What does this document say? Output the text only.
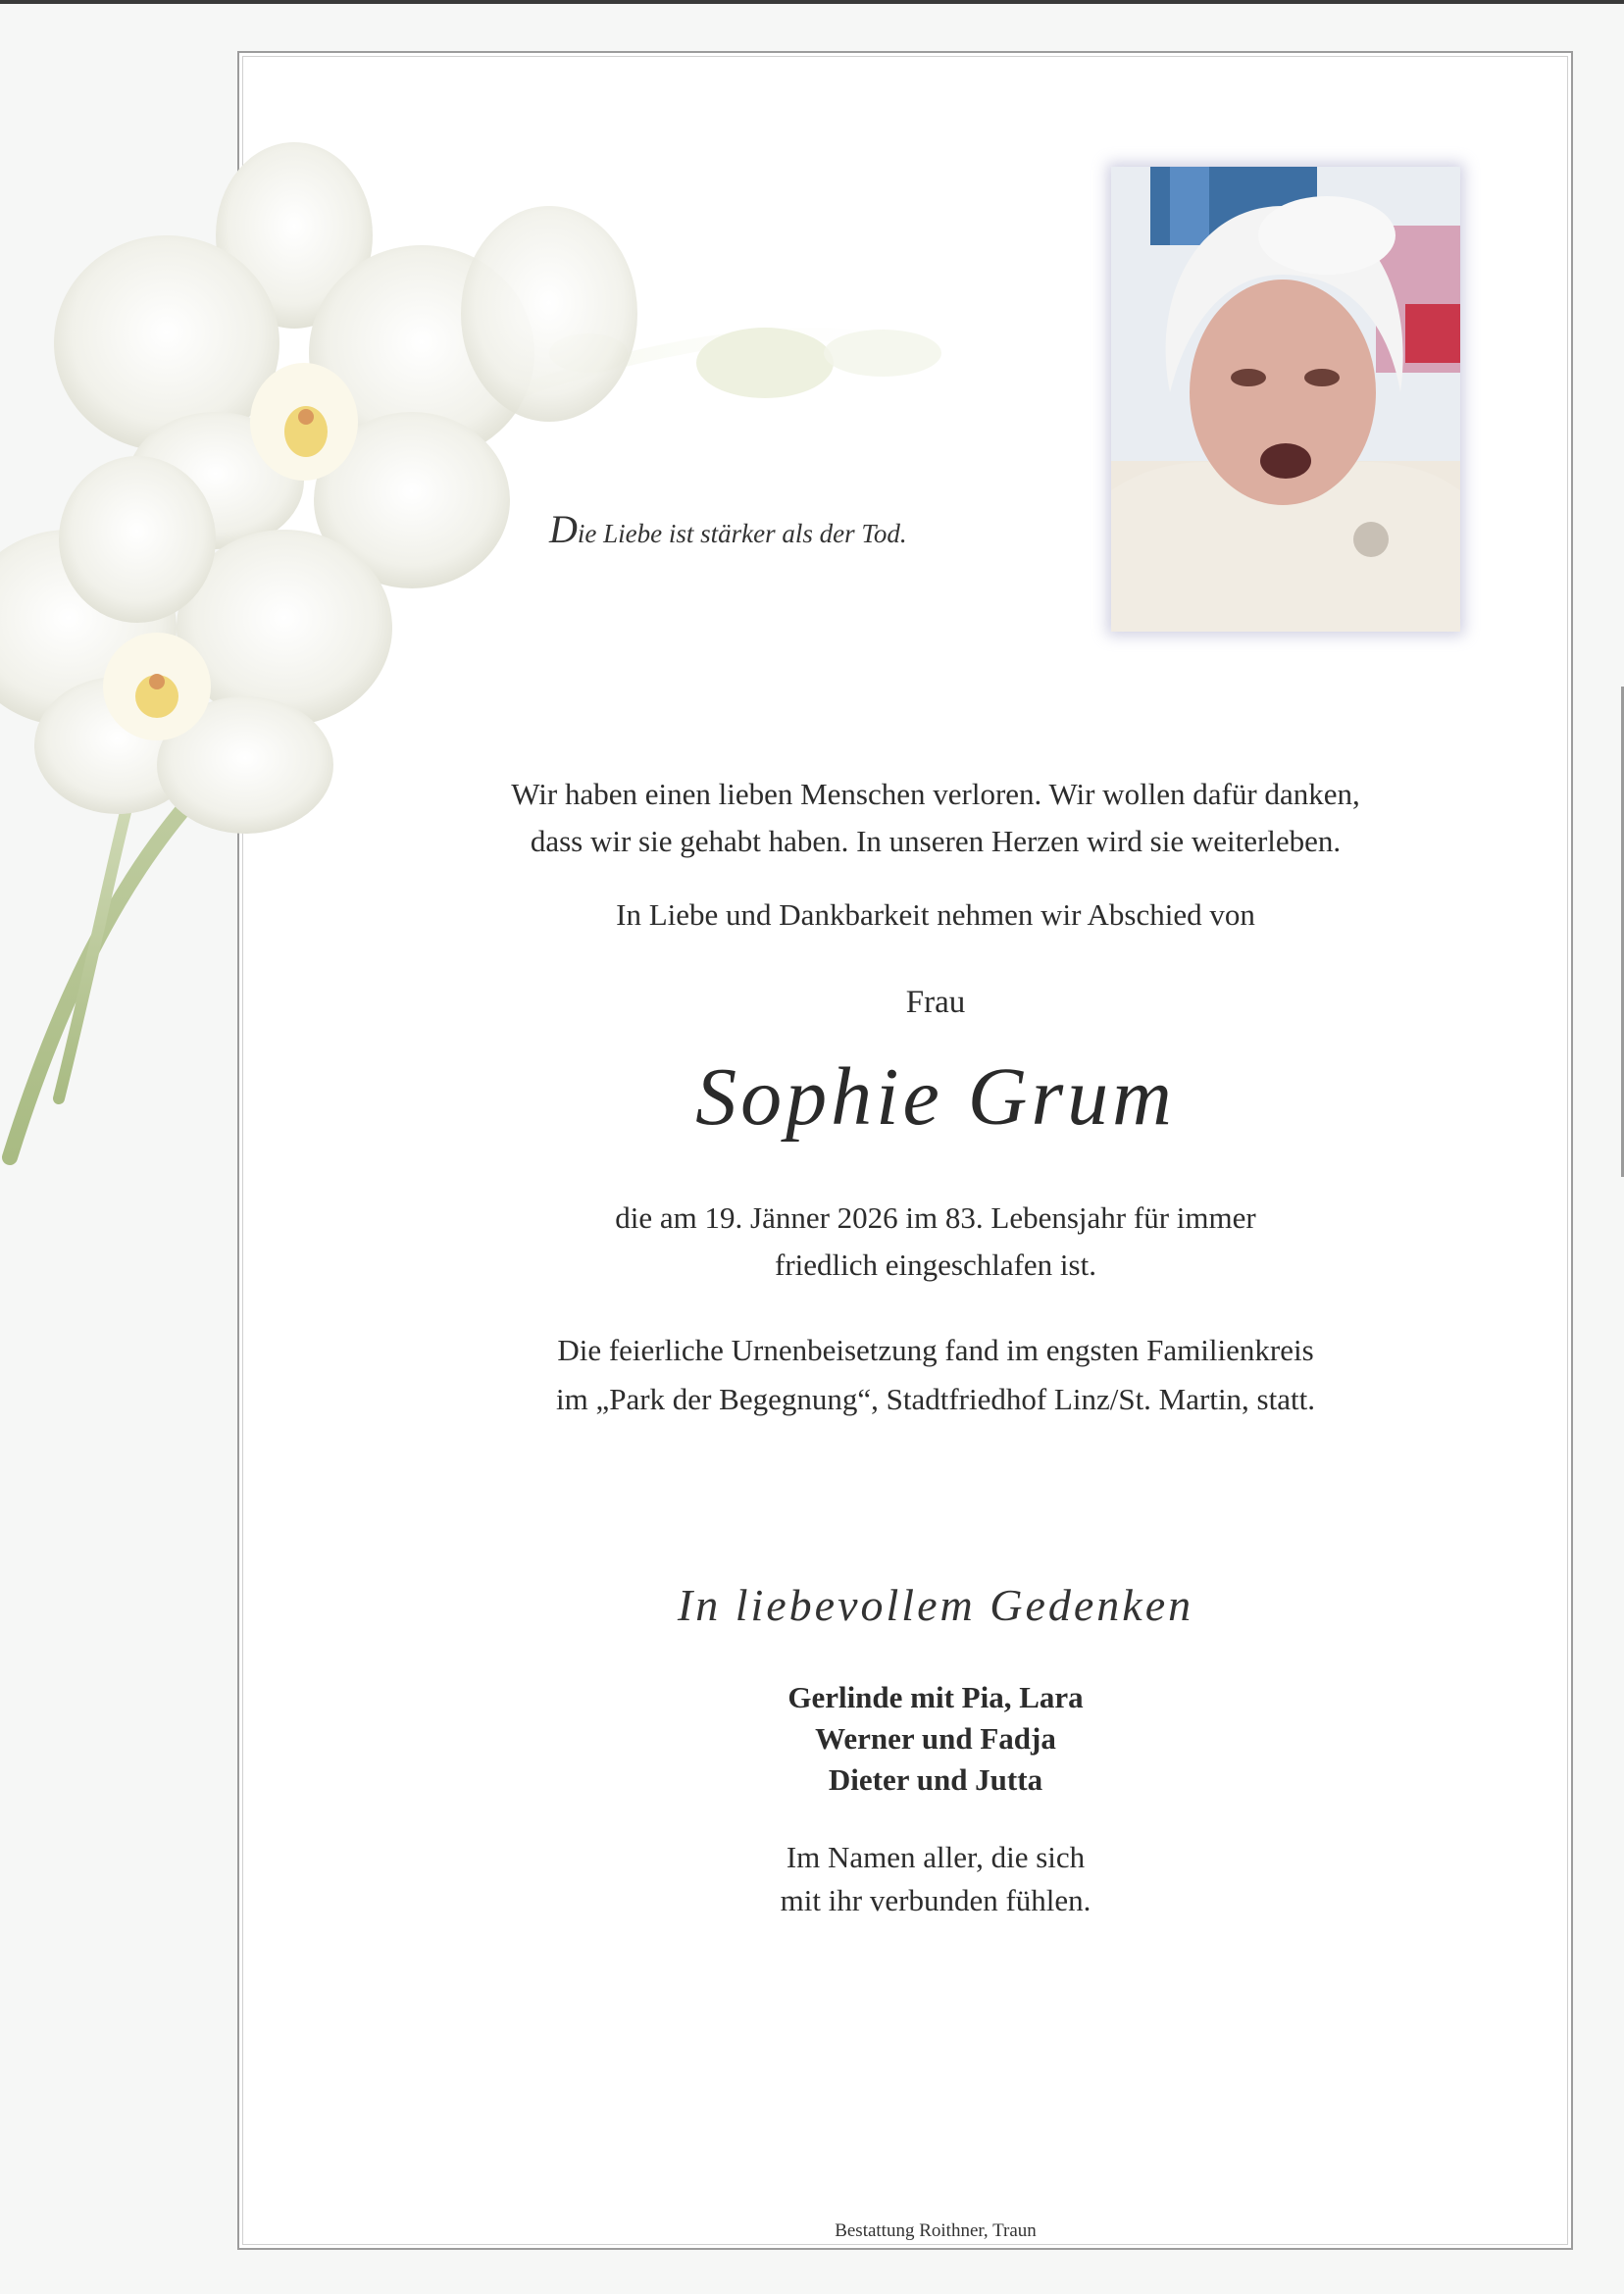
Die Liebe ist stärker als der Tod.
Wir haben einen lieben Menschen verloren. Wir wollen dafür danken,
dass wir sie gehabt haben. In unseren Herzen wird sie weiterleben.
In Liebe und Dankbarkeit nehmen wir Abschied von
Frau
Sophie Grum
die am 19. Jänner 2026 im 83. Lebensjahr für immer
friedlich eingeschlafen ist.
Die feierliche Urnenbeisetzung fand im engsten Familienkreis
im „Park der Begegnung“, Stadtfriedhof Linz/St. Martin, statt.
In liebevollem Gedenken
Gerlinde mit Pia, Lara
Werner und Fadja
Dieter und Jutta
Im Namen aller, die sich
mit ihr verbunden fühlen.
Bestattung Roithner, Traun
